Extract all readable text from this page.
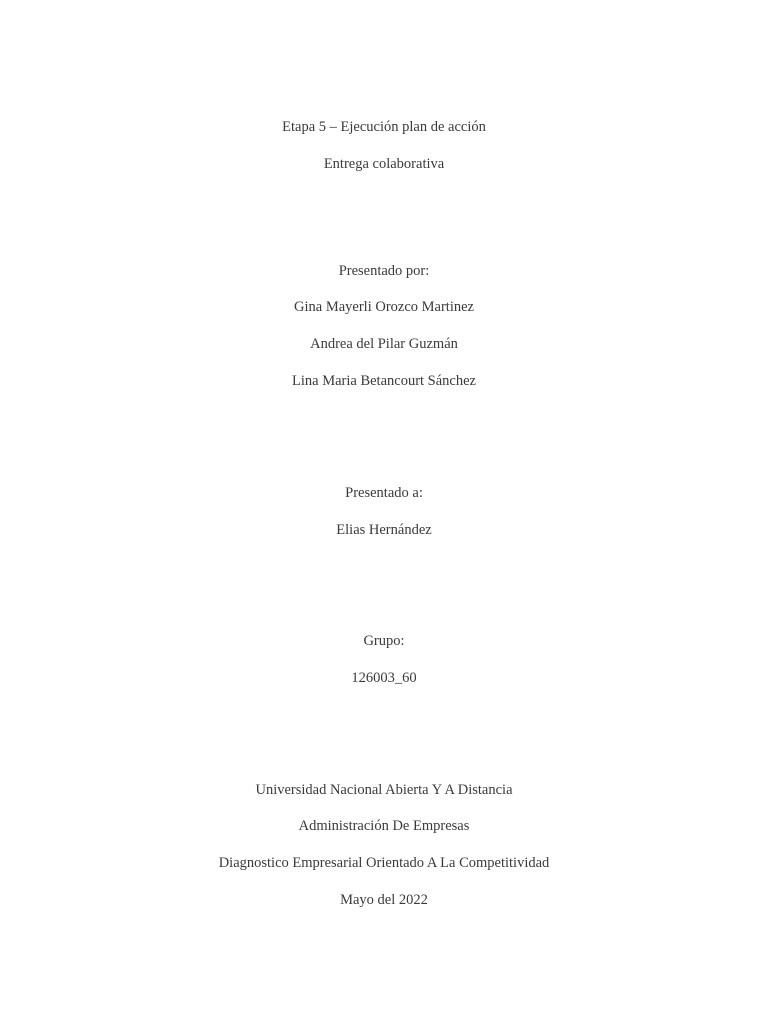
Etapa 5 – Ejecución plan de acción
Entrega colaborativa
Presentado por:
Gina Mayerli Orozco Martinez
Andrea del Pilar Guzmán
Lina Maria Betancourt Sánchez
Presentado a:
Elias Hernández
Grupo:
126003_60
Universidad Nacional Abierta Y A Distancia
Administración De Empresas
Diagnostico Empresarial Orientado A La Competitividad
Mayo del 2022
